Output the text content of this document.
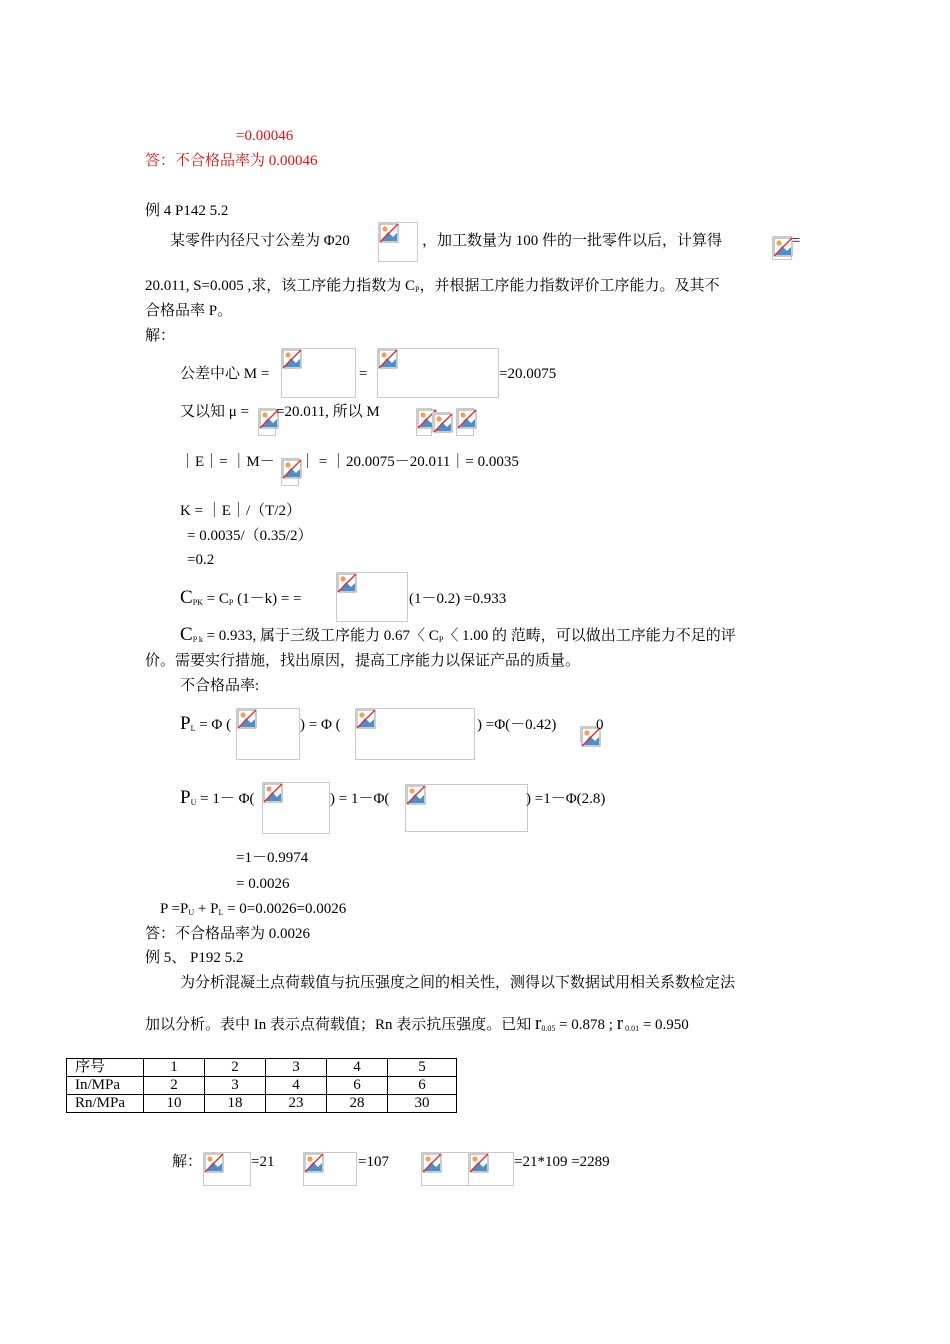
=0.00046
答：不合格品率为 0.00046
例 4 P142 5.2
某零件内径尺寸公差为 Φ20	，加工数量为 100 件的一批零件以后，计算得	=
20.011, S=0.005 ,求，该工序能力指数为 $C_P$，并根据工序能力指数评价工序能力。及其不
合格品率 P。
解：
公差中心 M =	=	=20.0075
又以知 μ = =20.011, 所以 M
｜E｜= ｜M－ ｜ = ｜20.0075－20.011｜= 0.0035
K = ｜E｜/（T/2）
= 0.0035/（0.35/2）
=0.2
$C_{PK} = C_P$ (1－k) = =	(1－0.2) =0.933
$C_{P k} = 0.933$, 属于三级工序能力 0.67〈 $C_P$〈 1.00 的 范畴，可以做出工序能力不足的评
价。需要实行措施，找出原因，提高工序能力以保证产品的质量。
不合格品率:
$P_L = \Phi$ (	) = Φ (	) =Φ(－0.42)	0
$P_U = 1- \Phi$(	) = 1－Φ(	) =1－Φ(2.8)
=1－0.9974
= 0.0026
$P =P_U + P_L = 0=0.0026=0.0026$
答：不合格品率为 0.0026
例 5、 P192 5.2
为分析混凝土点荷载值与抗压强度之间的相关性，测得以下数据试用相关系数检定法
加以分析。表中 In 表示点荷载值；Rn 表示抗压强度。已知 $r_{0.05} = 0.878$ ; r $_{0.01}$ = 0.950
序号	1	2	3	4	5
In/MPa	2	3	4	6	6
Rn/MPa	10	18	23	28	30
解：	=21	=107	=21*109 =2289
